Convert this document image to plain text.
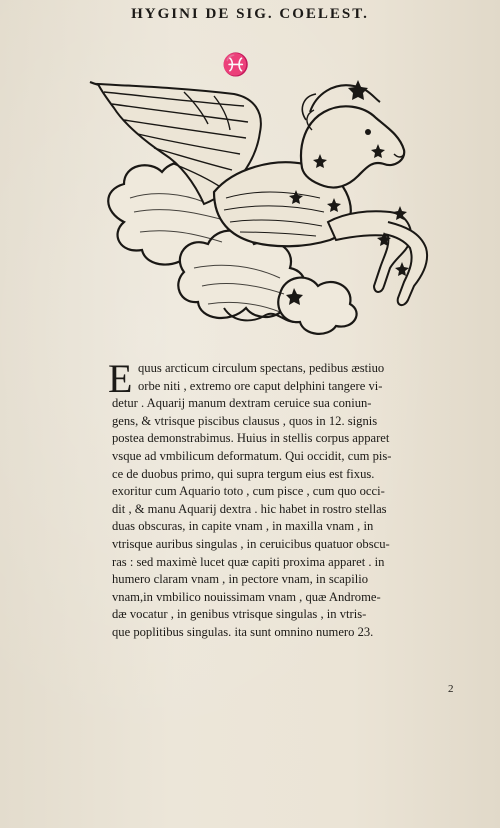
HYGINI DE SIG. COELEST.
♓
E quus arcticum circulum spectans, pedibus æstiuo
orbe niti , extremo ore caput delphini tangere vi-
detur . Aquarij manum dextram ceruice sua coniun-
gens, & vtrisque piscibus clausus , quos in 12. signis
postea demonstrabimus. Huius in stellis corpus apparet
vsque ad vmbilicum deformatum. Qui occidit, cum pis-
ce de duobus primo, qui supra tergum eius est fixus.
exoritur cum Aquario toto , cum pisce , cum quo occi-
dit , & manu Aquarij dextra . hic habet in rostro stellas
duas obscuras, in capite vnam , in maxilla vnam , in
vtrisque auribus singulas , in ceruicibus quatuor obscu-
ras : sed maximè lucet quæ capiti proxima apparet . in
humero claram vnam , in pectore vnam, in scapilio
vnam,in vmbilico nouissimam vnam , quæ Androme-
dæ vocatur , in genibus vtrisque singulas , in vtris-
que poplitibus singulas. ita sunt omnino numero 23.
2
